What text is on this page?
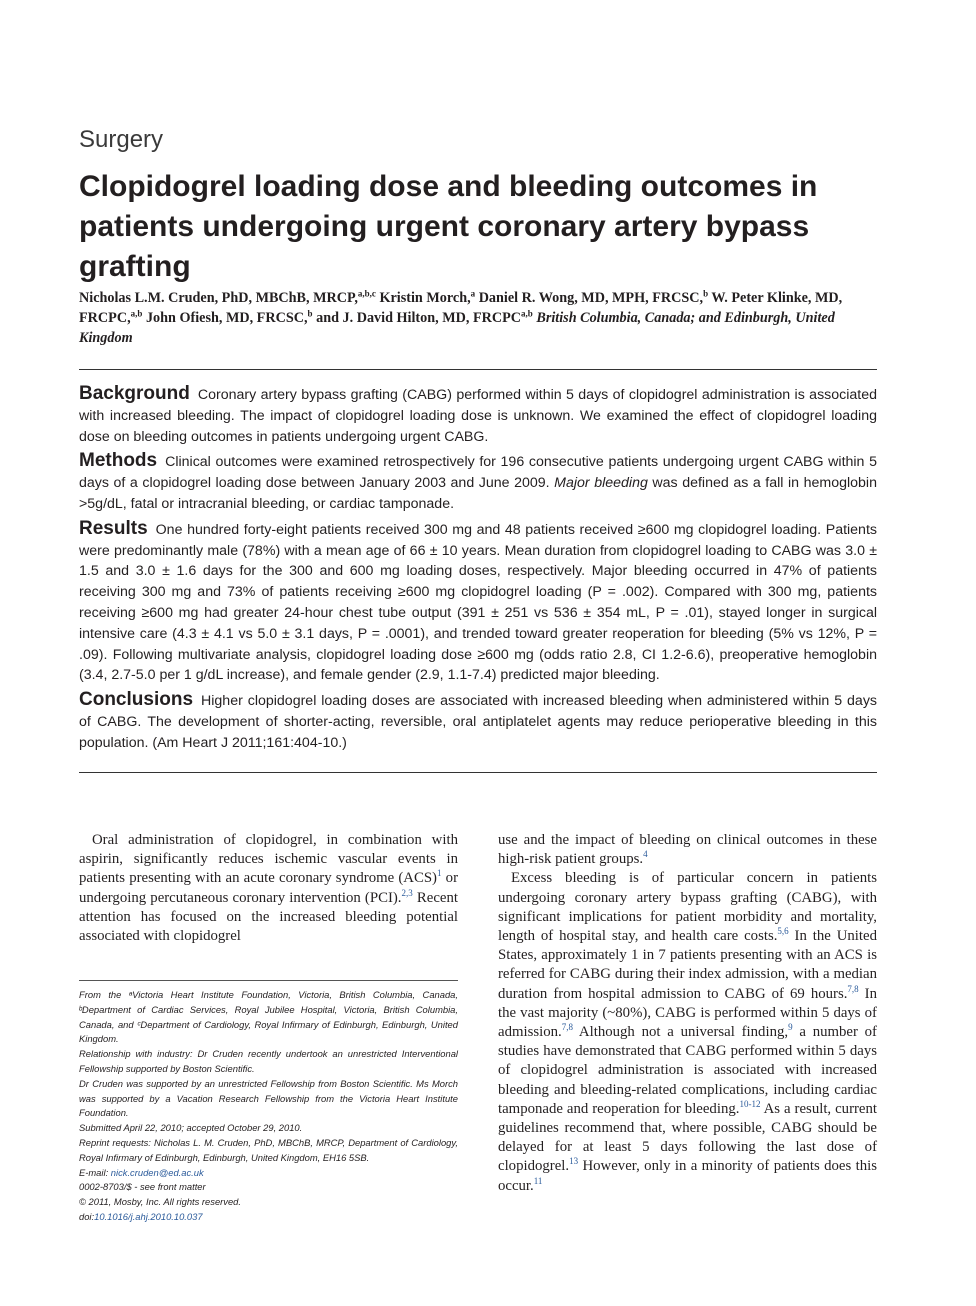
Surgery
Clopidogrel loading dose and bleeding outcomes in patients undergoing urgent coronary artery bypass grafting

Nicholas L.M. Cruden, PhD, MBChB, MRCP,$^{a,b,c}$ Kristin Morch,$^a$ Daniel R. Wong, MD, MPH, FRCSC,$^b$ W. Peter Klinke, MD, FRCPC,$^{a,b}$ John Ofiesh, MD, FRCSC,$^b$ and J. David Hilton, MD, FRCPC$^{a,b}$ British Columbia, Canada; and Edinburgh, United Kingdom

Background Coronary artery bypass grafting (CABG) performed within 5 days of clopidogrel administration is associated with increased bleeding. The impact of clopidogrel loading dose is unknown. We examined the effect of clopidogrel loading dose on bleeding outcomes in patients undergoing urgent CABG.

Methods Clinical outcomes were examined retrospectively for 196 consecutive patients undergoing urgent CABG within 5 days of a clopidogrel loading dose between January 2003 and June 2009. Major bleeding was defined as a fall in hemoglobin >5g/dL, fatal or intracranial bleeding, or cardiac tamponade.

Results One hundred forty-eight patients received 300 mg and 48 patients received ≥600 mg clopidogrel loading. Patients were predominantly male (78%) with a mean age of 66 ± 10 years. Mean duration from clopidogrel loading to CABG was 3.0 ± 1.5 and 3.0 ± 1.6 days for the 300 and 600 mg loading doses, respectively. Major bleeding occurred in 47% of patients receiving 300 mg and 73% of patients receiving ≥600 mg clopidogrel loading (P = .002). Compared with 300 mg, patients receiving ≥600 mg had greater 24-hour chest tube output (391 ± 251 vs 536 ± 354 mL, P = .01), stayed longer in surgical intensive care (4.3 ± 4.1 vs 5.0 ± 3.1 days, P = .0001), and trended toward greater reoperation for bleeding (5% vs 12%, P = .09). Following multivariate analysis, clopidogrel loading dose ≥600 mg (odds ratio 2.8, CI 1.2-6.6), preoperative hemoglobin (3.4, 2.7-5.0 per 1 g/dL increase), and female gender (2.9, 1.1-7.4) predicted major bleeding.

Conclusions Higher clopidogrel loading doses are associated with increased bleeding when administered within 5 days of CABG. The development of shorter-acting, reversible, oral antiplatelet agents may reduce perioperative bleeding in this population. (Am Heart J 2011;161:404-10.)

Oral administration of clopidogrel, in combination with aspirin, significantly reduces ischemic vascular events in patients presenting with an acute coronary syndrome (ACS)$^1$ or undergoing percutaneous coronary intervention (PCI).$^{2,3}$ Recent attention has focused on the increased bleeding potential associated with clopidogrel

From the ᵃVictoria Heart Institute Foundation, Victoria, British Columbia, Canada, ᵇDepartment of Cardiac Services, Royal Jubilee Hospital, Victoria, British Columbia, Canada, and ᶜDepartment of Cardiology, Royal Infirmary of Edinburgh, Edinburgh, United Kingdom.

Relationship with industry: Dr Cruden recently undertook an unrestricted Interventional Fellowship supported by Boston Scientific.

Dr Cruden was supported by an unrestricted Fellowship from Boston Scientific. Ms Morch was supported by a Vacation Research Fellowship from the Victoria Heart Institute Foundation.

Submitted April 22, 2010; accepted October 29, 2010.

Reprint requests: Nicholas L. M. Cruden, PhD, MBChB, MRCP, Department of Cardiology, Royal Infirmary of Edinburgh, Edinburgh, United Kingdom, EH16 5SB.

E-mail: nick.cruden@ed.ac.uk

0002-8703/$ - see front matter

© 2011, Mosby, Inc. All rights reserved.

doi:10.1016/j.ahj.2010.10.037

use and the impact of bleeding on clinical outcomes in these high-risk patient groups.$^4$

Excess bleeding is of particular concern in patients undergoing coronary artery bypass grafting (CABG), with significant implications for patient morbidity and mortality, length of hospital stay, and health care costs.$^{5,6}$ In the United States, approximately 1 in 7 patients presenting with an ACS is referred for CABG during their index admission, with a median duration from hospital admission to CABG of 69 hours.$^{7,8}$ In the vast majority (~80%), CABG is performed within 5 days of admission.$^{7,8}$ Although not a universal finding,$^9$ a number of studies have demonstrated that CABG performed within 5 days of clopidogrel administration is associated with increased bleeding and bleeding-related complications, including cardiac tamponade and reoperation for bleeding.$^{10-12}$ As a result, current guidelines recommend that, where possible, CABG should be delayed for at least 5 days following the last dose of clopidogrel.$^{13}$ However, only in a minority of patients does this occur.$^{11}$
